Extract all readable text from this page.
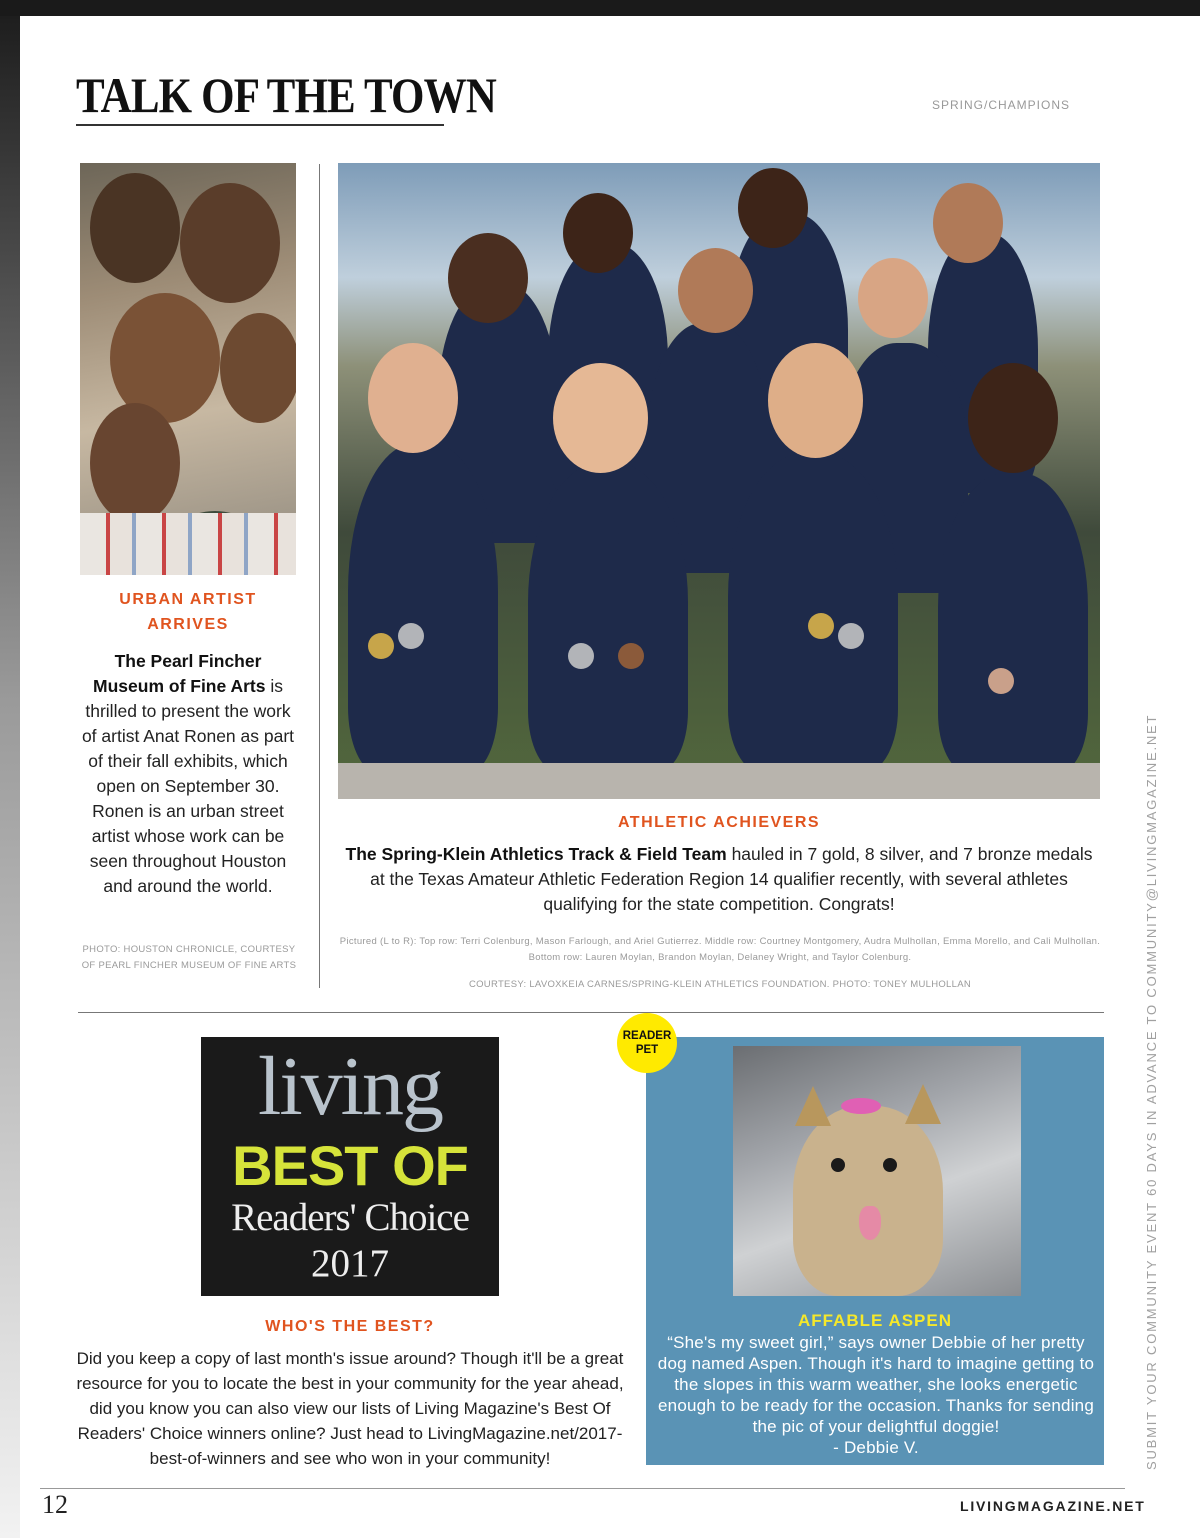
TALK OF THE TOWN	SPRING/CHAMPIONS
URBAN ARTIST
ARRIVES

The Pearl Fincher Museum of Fine Arts is thrilled to present the work of artist Anat Ronen as part of their fall exhibits, which open on September 30. Ronen is an urban street artist whose work can be seen throughout Houston and around the world.

PHOTO: HOUSTON CHRONICLE, COURTESY OF PEARL FINCHER MUSEUM OF FINE ARTS
ATHLETIC ACHIEVERS

The Spring-Klein Athletics Track & Field Team hauled in 7 gold, 8 silver, and 7 bronze medals at the Texas Amateur Athletic Federation Region 14 qualifier recently, with several athletes qualifying for the state competition. Congrats!

Pictured (L to R): Top row: Terri Colenburg, Mason Farlough, and Ariel Gutierrez. Middle row: Courtney Montgomery, Audra Mulhollan, Emma Morello, and Cali Mulhollan. Bottom row: Lauren Moylan, Brandon Moylan, Delaney Wright, and Taylor Colenburg.
COURTESY: LAVOXKEIA CARNES/SPRING-KLEIN ATHLETICS FOUNDATION. PHOTO: TONEY MULHOLLAN
living
BEST OF
Readers' Choice
2017
WHO'S THE BEST?

Did you keep a copy of last month's issue around? Though it'll be a great resource for you to locate the best in your community for the year ahead, did you know you can also view our lists of Living Magazine's Best Of Readers' Choice winners online? Just head to LivingMagazine.net/2017-best-of-winners and see who won in your community!

READER
PET
AFFABLE ASPEN
“She's my sweet girl,” says owner Debbie of her pretty dog named Aspen. Though it's hard to imagine getting to the slopes in this warm weather, she looks energetic enough to be ready for the occasion. Thanks for sending the pic of your delightful doggie!
- Debbie V.	SUBMIT YOUR COMMUNITY EVENT 60 DAYS IN ADVANCE TO COMMUNITY@LIVINGMAGAZINE.NET
12	LIVINGMAGAZINE.NET
